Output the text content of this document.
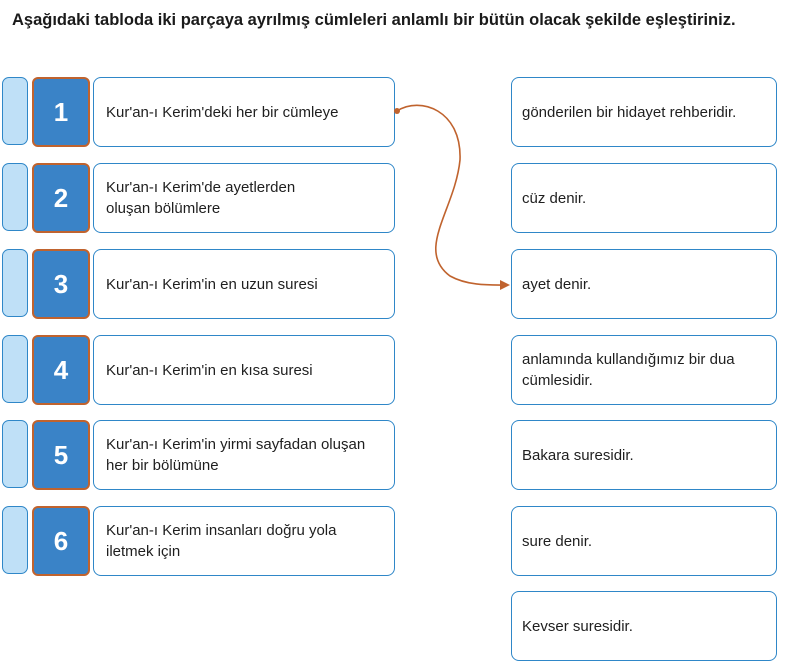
Aşağıdaki tabloda iki parçaya ayrılmış cümleleri anlamlı bir bütün olacak şekilde eşleştiriniz.
1	Kur'an-ı Kerim'deki her bir cümleye
2	Kur'an-ı Kerim'de ayetlerden oluşan bölümlere
3	Kur'an-ı Kerim'in en uzun suresi
4	Kur'an-ı Kerim'in en kısa suresi
5	Kur'an-ı Kerim'in yirmi sayfadan oluşan her bir bölümüne
6	Kur'an-ı Kerim insanları doğru yola iletmek için
gönderilen bir hidayet rehberidir.
cüz denir.
ayet denir.
anlamında kullandığımız bir dua cümlesidir.
Bakara suresidir.
sure denir.
Kevser suresidir.
